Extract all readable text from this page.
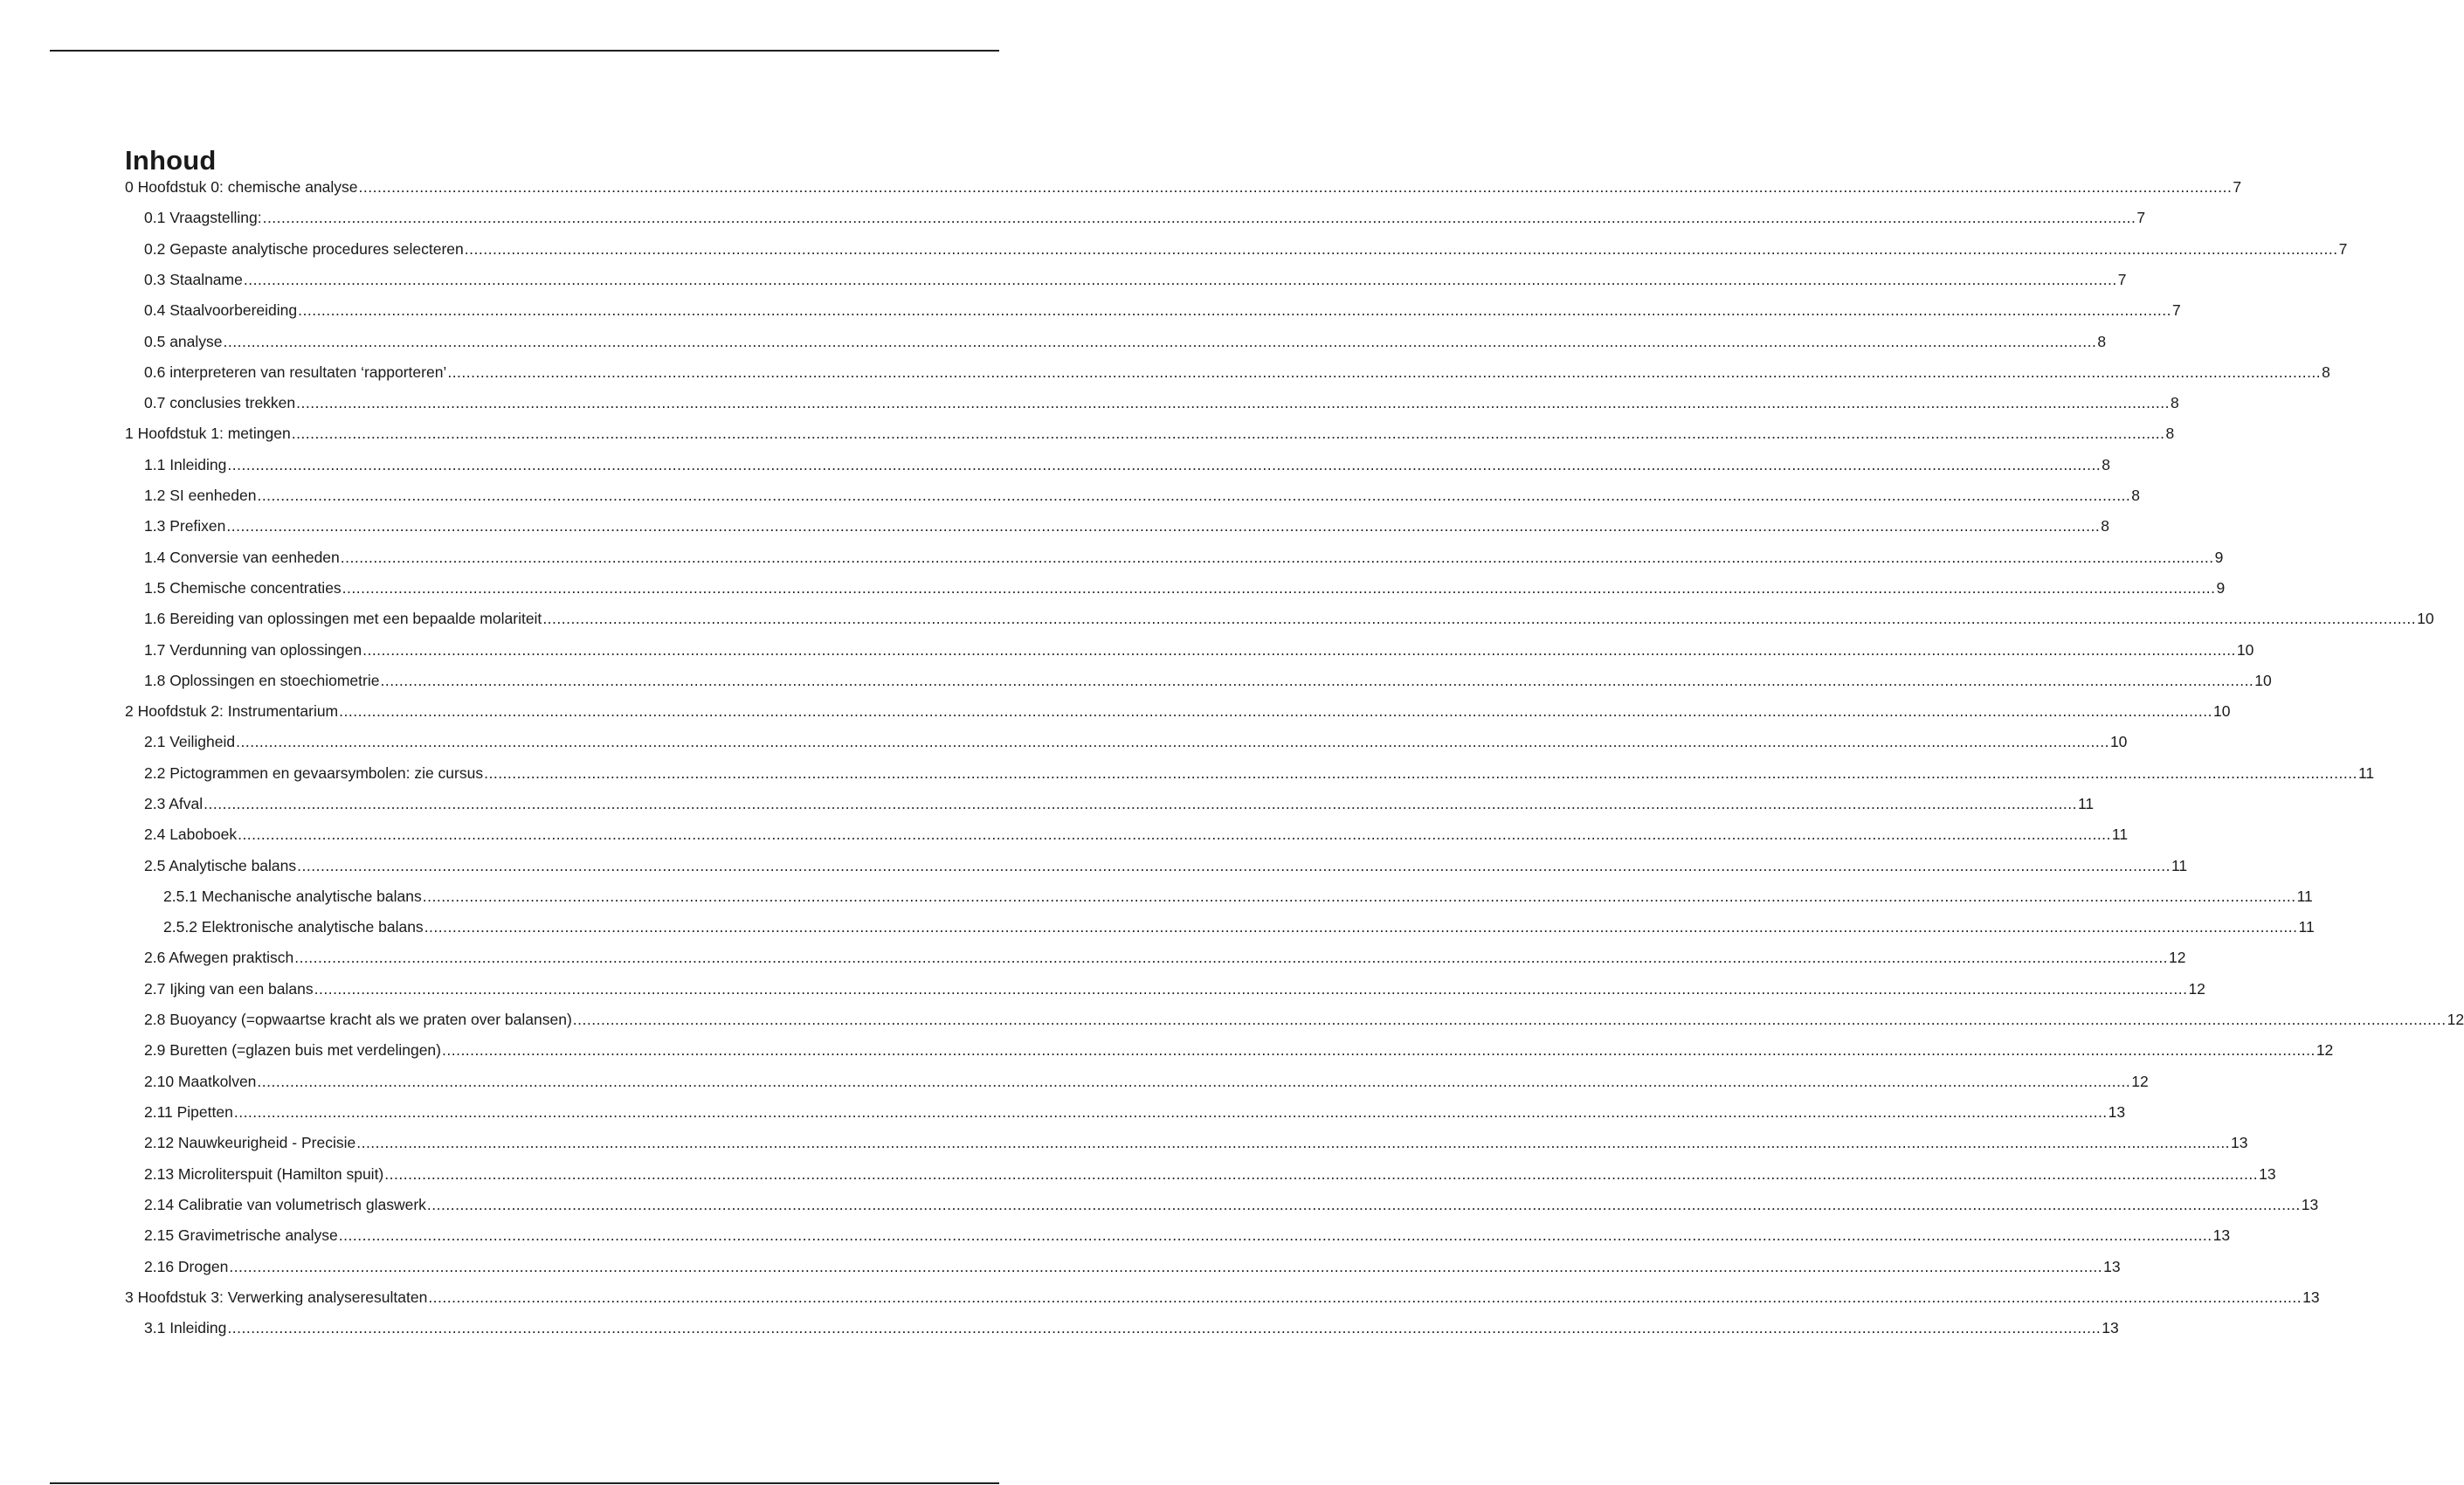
Inhoud
0 Hoofdstuk 0: chemische analyse ................................................................................................................................................................................................................................................................................................................................................................................................................ 7
0.1 Vraagstelling: ................................................................................................................................................................................................................................................................................................................................................................................................................ 7
0.2 Gepaste analytische procedures selecteren ................................................................................................................................................................................................................................................................................................................................................................................................................ 7
0.3 Staalname ................................................................................................................................................................................................................................................................................................................................................................................................................ 7
0.4 Staalvoorbereiding ................................................................................................................................................................................................................................................................................................................................................................................................................ 7
0.5 analyse ................................................................................................................................................................................................................................................................................................................................................................................................................ 8
0.6 interpreteren van resultaten ‘rapporteren’ ................................................................................................................................................................................................................................................................................................................................................................................................................ 8
0.7 conclusies trekken ................................................................................................................................................................................................................................................................................................................................................................................................................ 8
1 Hoofdstuk 1: metingen ................................................................................................................................................................................................................................................................................................................................................................................................................ 8
1.1 Inleiding ................................................................................................................................................................................................................................................................................................................................................................................................................ 8
1.2 SI eenheden ................................................................................................................................................................................................................................................................................................................................................................................................................ 8
1.3 Prefixen ................................................................................................................................................................................................................................................................................................................................................................................................................ 8
1.4 Conversie van eenheden ................................................................................................................................................................................................................................................................................................................................................................................................................ 9
1.5 Chemische concentraties ................................................................................................................................................................................................................................................................................................................................................................................................................ 9
1.6 Bereiding van oplossingen met een bepaalde molariteit ................................................................................................................................................................................................................................................................................................................................................................................................................ 10
1.7 Verdunning van oplossingen ................................................................................................................................................................................................................................................................................................................................................................................................................ 10
1.8 Oplossingen en stoechiometrie ................................................................................................................................................................................................................................................................................................................................................................................................................ 10
2 Hoofdstuk 2: Instrumentarium ................................................................................................................................................................................................................................................................................................................................................................................................................ 10
2.1 Veiligheid ................................................................................................................................................................................................................................................................................................................................................................................................................ 10
2.2 Pictogrammen en gevaarsymbolen: zie cursus ................................................................................................................................................................................................................................................................................................................................................................................................................ 11
2.3 Afval ................................................................................................................................................................................................................................................................................................................................................................................................................ 11
2.4 Laboboek ................................................................................................................................................................................................................................................................................................................................................................................................................ 11
2.5 Analytische balans ................................................................................................................................................................................................................................................................................................................................................................................................................ 11
2.5.1 Mechanische analytische balans ................................................................................................................................................................................................................................................................................................................................................................................................................ 11
2.5.2 Elektronische analytische balans ................................................................................................................................................................................................................................................................................................................................................................................................................ 11
2.6 Afwegen praktisch ................................................................................................................................................................................................................................................................................................................................................................................................................ 12
2.7 Ijking van een balans ................................................................................................................................................................................................................................................................................................................................................................................................................ 12
2.8 Buoyancy (=opwaartse kracht als we praten over balansen) ................................................................................................................................................................................................................................................................................................................................................................................................................ 12
2.9 Buretten (=glazen buis met verdelingen) ................................................................................................................................................................................................................................................................................................................................................................................................................ 12
2.10 Maatkolven ................................................................................................................................................................................................................................................................................................................................................................................................................ 12
2.11 Pipetten ................................................................................................................................................................................................................................................................................................................................................................................................................ 13
2.12 Nauwkeurigheid - Precisie ................................................................................................................................................................................................................................................................................................................................................................................................................ 13
2.13 Microliterspuit (Hamilton spuit) ................................................................................................................................................................................................................................................................................................................................................................................................................ 13
2.14 Calibratie van volumetrisch glaswerk ................................................................................................................................................................................................................................................................................................................................................................................................................ 13
2.15 Gravimetrische analyse ................................................................................................................................................................................................................................................................................................................................................................................................................ 13
2.16 Drogen ................................................................................................................................................................................................................................................................................................................................................................................................................ 13
3 Hoofdstuk 3: Verwerking analyseresultaten ................................................................................................................................................................................................................................................................................................................................................................................................................ 13
3.1 Inleiding ................................................................................................................................................................................................................................................................................................................................................................................................................ 13
